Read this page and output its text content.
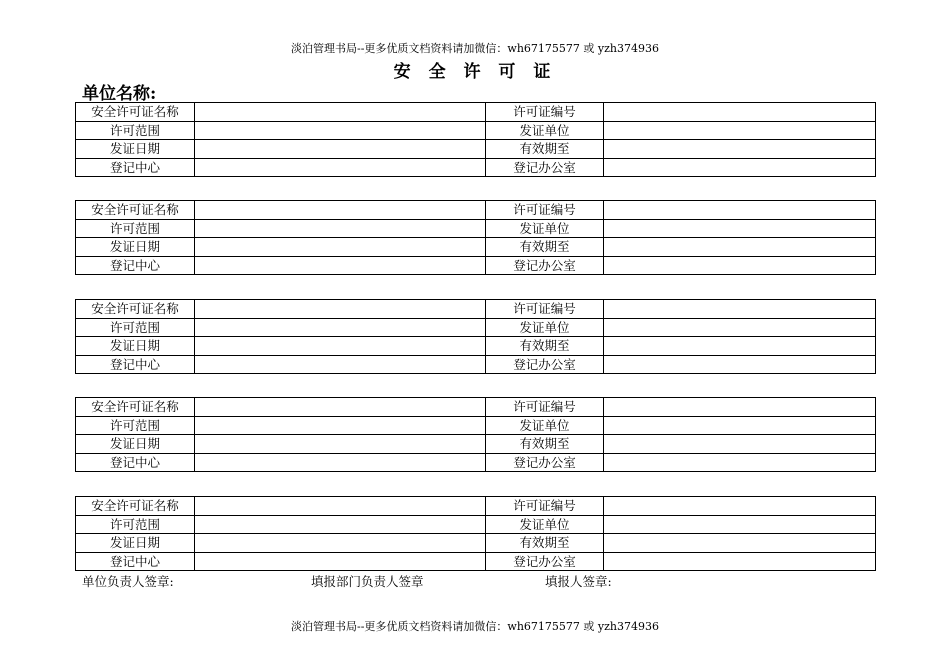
淡泊管理书局--更多优质文档资料请加微信：wh67175577 或 yzh374936
安 全 许 可 证
单位名称:
安全许可证名称		许可证编号	
许可范围		发证单位	
发证日期		有效期至	
登记中心		登记办公室	
安全许可证名称		许可证编号	
许可范围		发证单位	
发证日期		有效期至	
登记中心		登记办公室	
安全许可证名称		许可证编号	
许可范围		发证单位	
发证日期		有效期至	
登记中心		登记办公室	
安全许可证名称		许可证编号	
许可范围		发证单位	
发证日期		有效期至	
登记中心		登记办公室	
安全许可证名称		许可证编号	
许可范围		发证单位	
发证日期		有效期至	
登记中心		登记办公室	
单位负责人签章:	填报部门负责人签章	填报人签章:
淡泊管理书局--更多优质文档资料请加微信：wh67175577 或 yzh374936
